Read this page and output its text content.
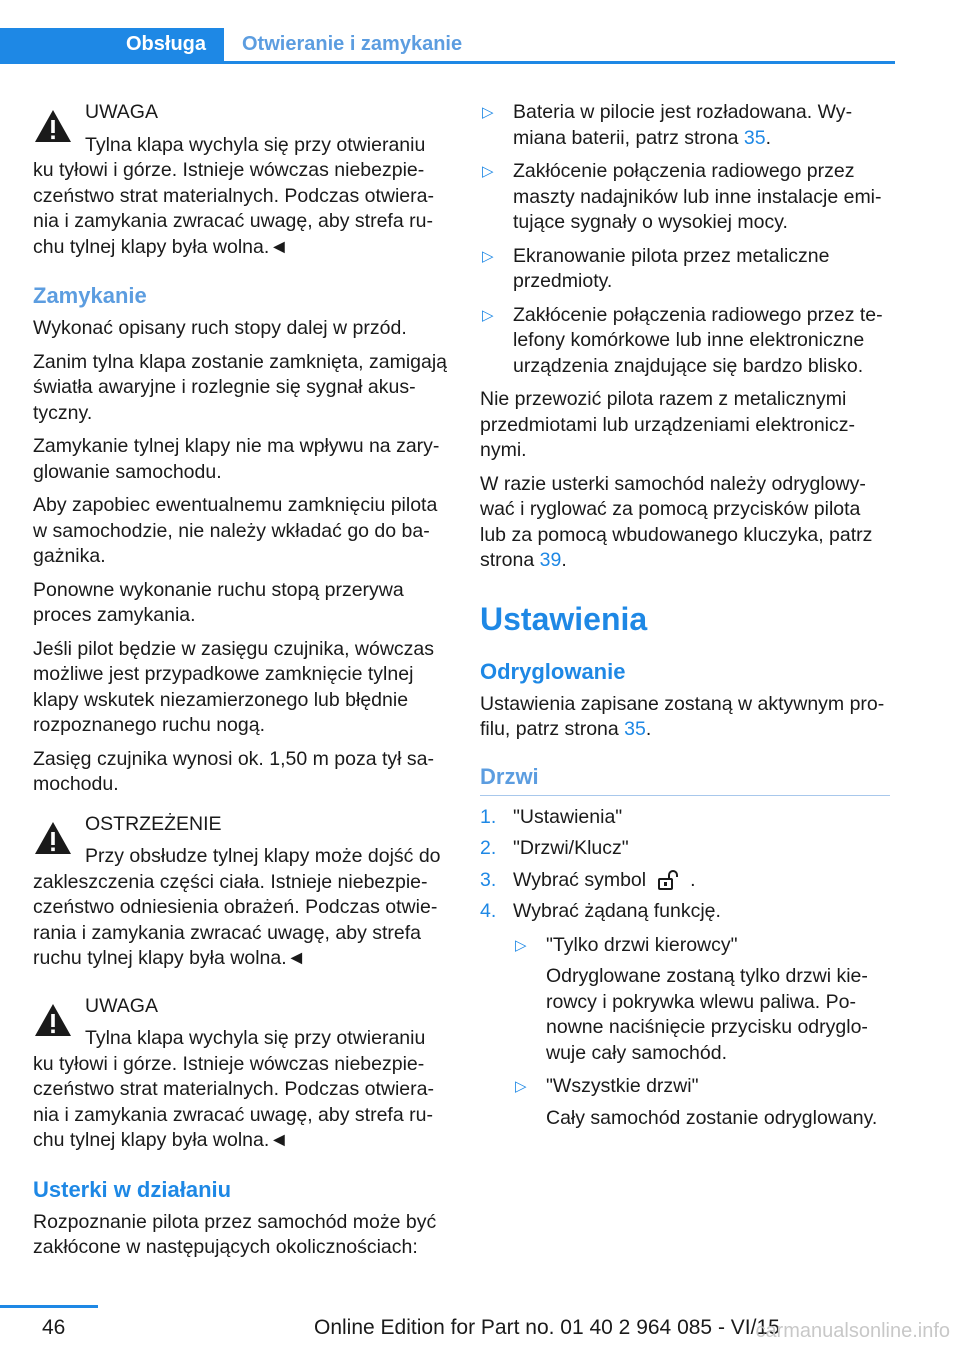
Obsługa	Otwieranie i zamykanie
UWAGA
Tylna klapa wychyla się przy otwieraniu ku tyłowi i górze. Istnieje wówczas niebezpieczeństwo strat materialnych. Podczas otwierania i zamykania zwracać uwagę, aby strefa ruchu tylnej klapy była wolna.◄
Zamykanie

Wykonać opisany ruch stopy dalej w przód.

Zanim tylna klapa zostanie zamknięta, zamigają światła awaryjne i rozlegnie się sygnał akustyczny.

Zamykanie tylnej klapy nie ma wpływu na zaryglowanie samochodu.

Aby zapobiec ewentualnemu zamknięciu pilota w samochodzie, nie należy wkładać go do bagażnika.

Ponowne wykonanie ruchu stopą przerywa proces zamykania.

Jeśli pilot będzie w zasięgu czujnika, wówczas możliwe jest przypadkowe zamknięcie tylnej klapy wskutek niezamierzonego lub błędnie rozpoznanego ruchu nogą.

Zasięg czujnika wynosi ok. 1,50 m poza tył samochodu.

OSTRZEŻENIE
Przy obsłudze tylnej klapy może dojść do zakleszczenia części ciała. Istnieje niebezpieczeństwo odniesienia obrażeń. Podczas otwierania i zamykania zwracać uwagę, aby strefa ruchu tylnej klapy była wolna.◄
UWAGA
Tylna klapa wychyla się przy otwieraniu ku tyłowi i górze. Istnieje wówczas niebezpieczeństwo strat materialnych. Podczas otwierania i zamykania zwracać uwagę, aby strefa ruchu tylnej klapy była wolna.◄
Usterki w działaniu

Rozpoznanie pilota przez samochód może być zakłócone w następujących okolicznościach:

▷ Bateria w pilocie jest rozładowana. Wymiana baterii, patrz strona 35.
▷ Zakłócenie połączenia radiowego przez maszty nadajników lub inne instalacje emitujące sygnały o wysokiej mocy.
▷ Ekranowanie pilota przez metaliczne przedmioty.
▷ Zakłócenie połączenia radiowego przez telefony komórkowe lub inne elektroniczne urządzenia znajdujące się bardzo blisko.

Nie przewozić pilota razem z metalicznymi przedmiotami lub urządzeniami elektronicznymi.

W razie usterki samochód należy odryglowywać i ryglować za pomocą przycisków pilota lub za pomocą wbudowanego kluczyka, patrz strona 39.

Ustawienia
Odryglowanie

Ustawienia zapisane zostaną w aktywnym profilu, patrz strona 35.

Drzwi
1. "Ustawienia"
2. "Drzwi/Klucz"
3. Wybrać symbol .
4. Wybrać żądaną funkcję.
▷ "Tylko drzwi kierowcy"
Odryglowane zostaną tylko drzwi kierowcy i pokrywka wlewu paliwa. Ponowne naciśnięcie przycisku odryglowuje cały samochód.
▷ "Wszystkie drzwi"
Cały samochód zostanie odryglowany.
46	Online Edition for Part no. 01 40 2 964 085 - VI/15
carmanualsonline.info
